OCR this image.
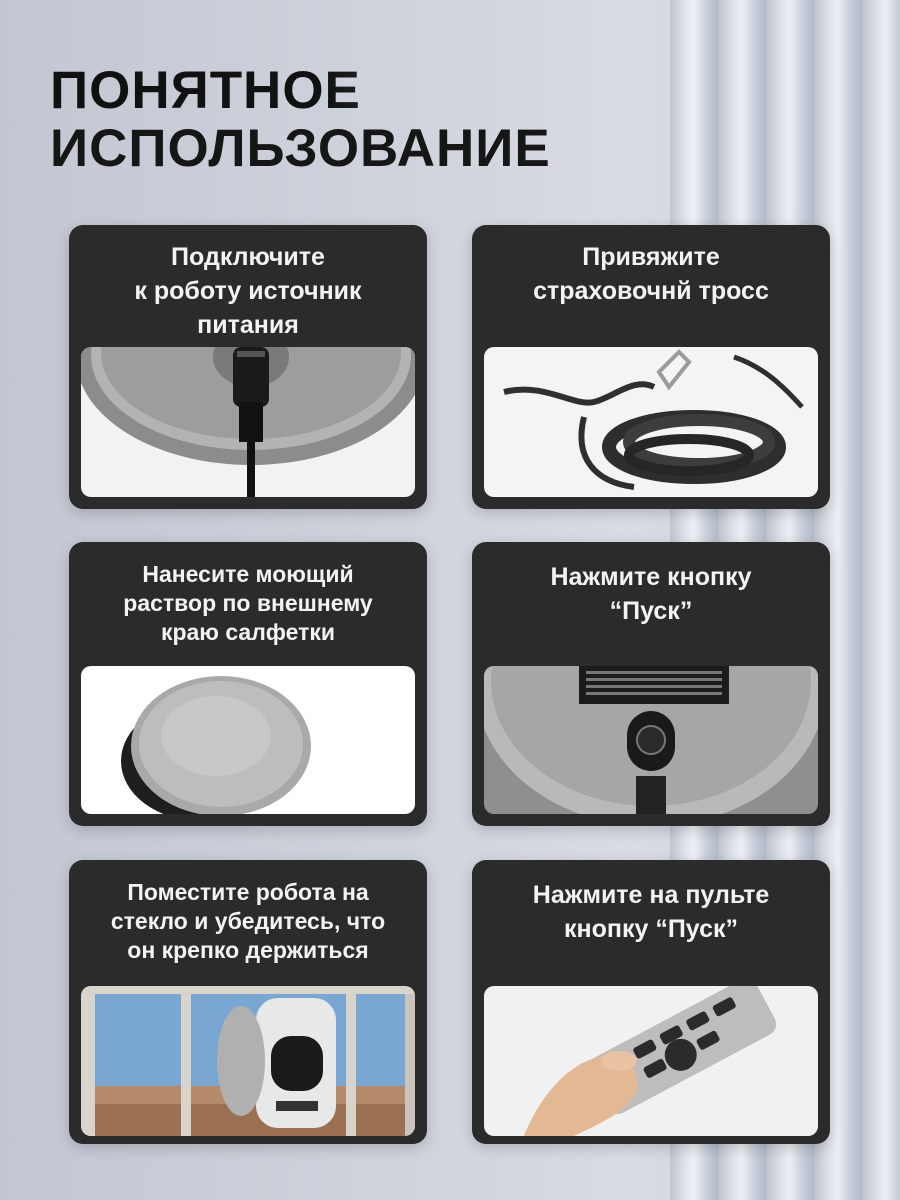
ПОНЯТНОЕ
ИСПОЛЬЗОВАНИЕ
Подключите
к роботу источник
питания
Привяжите
страховочнй тросс
Нанесите моющий
раствор по внешнему
краю салфетки
Нажмите кнопку
“Пуск”
Поместите робота на
стекло и убедитесь, что
он крепко держиться
Нажмите на пульте
кнопку “Пуск”
